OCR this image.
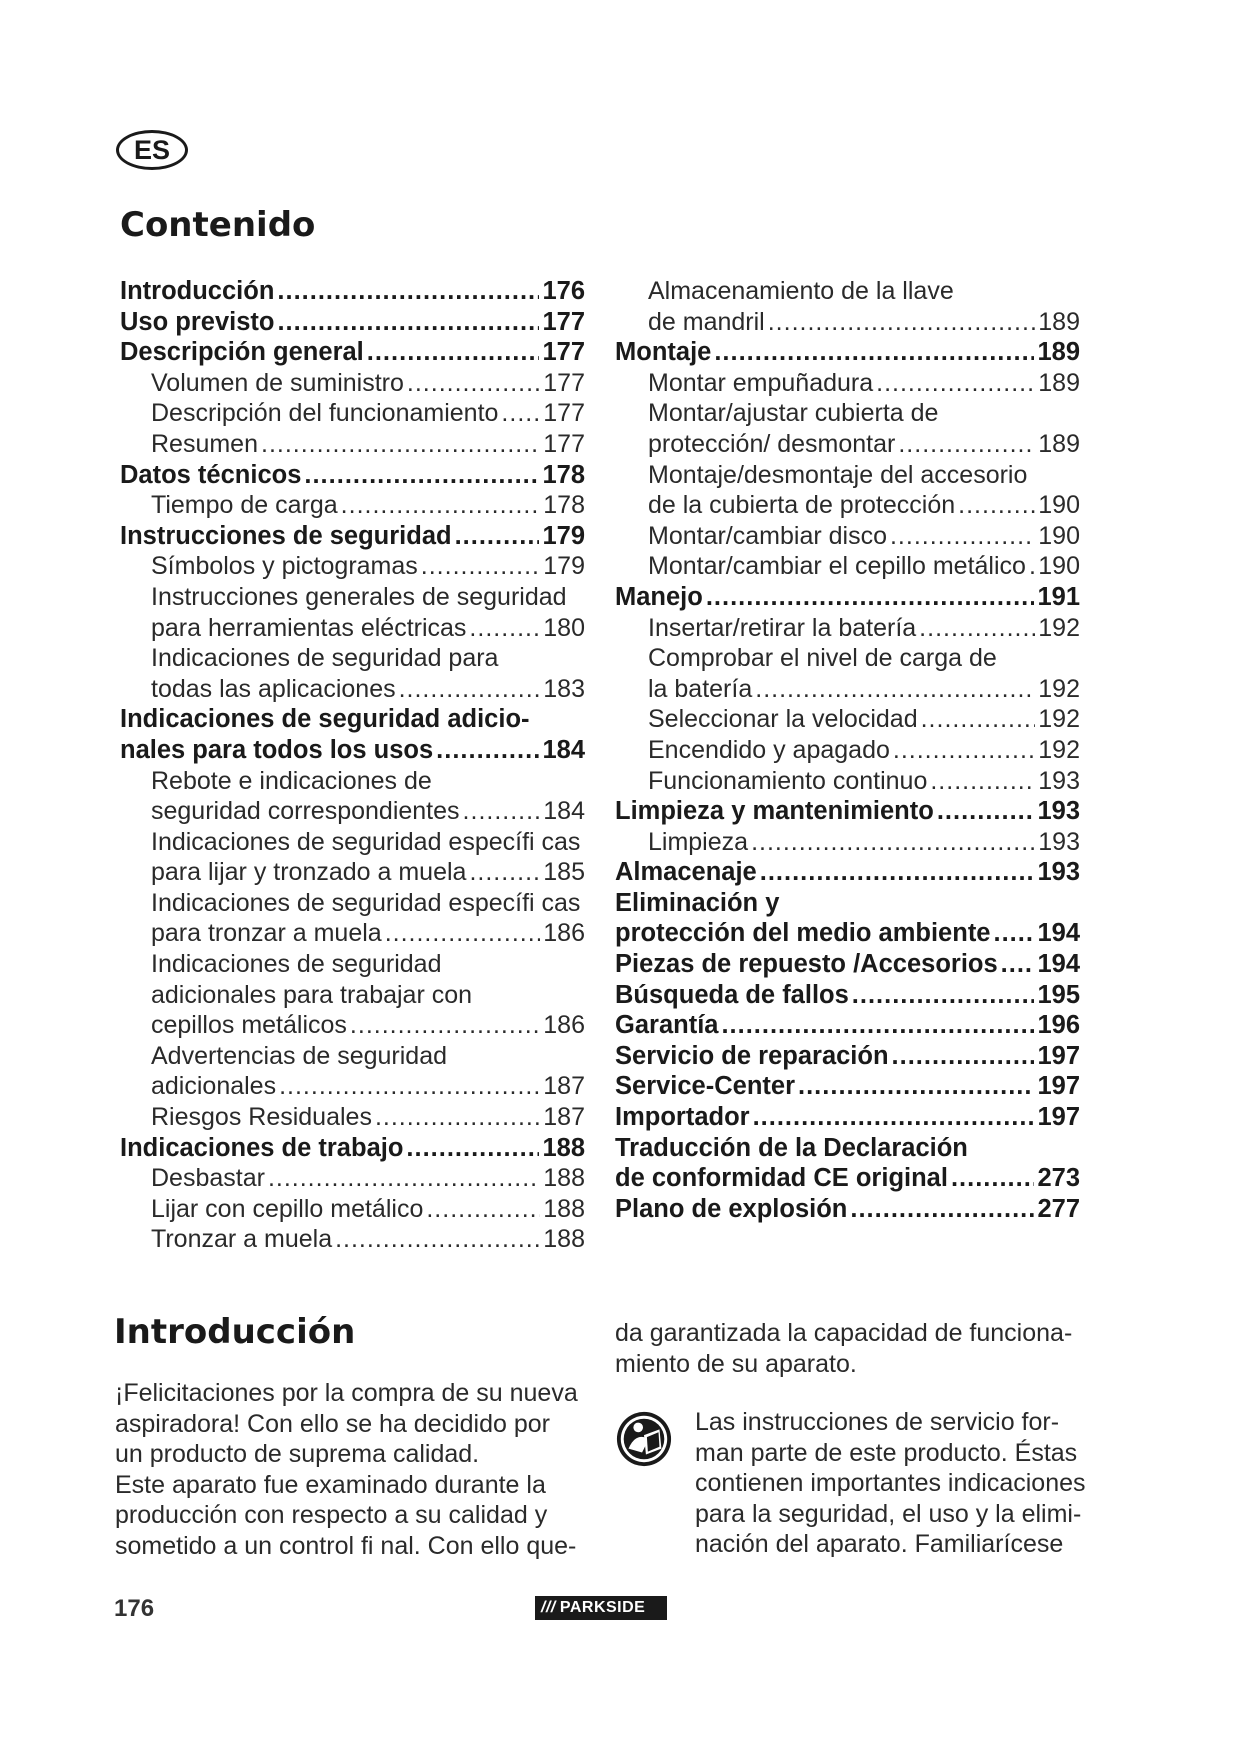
ES
Contenido
Introducción .....	176
Uso previsto .....	177
Descripción general .....	177
Volumen de suministro .....	177
Descripción del funcionamiento ..... 177
Resumen .....	177
Datos técnicos .....	178
Tiempo de carga .....	178
Instrucciones de seguridad .....	179
Símbolos y pictogramas .....	179
Instrucciones generales de seguridad
para herramientas eléctricas .....	180
Indicaciones de seguridad para
todas las aplicaciones .....	183
Indicaciones de seguridad adicio-
nales para todos los usos .....	184
Rebote e indicaciones de
seguridad correspondientes .....	184
Indicaciones de seguridad específi cas
para lijar y tronzado a muela .....	185
Indicaciones de seguridad específi cas
para tronzar a muela .....	186
Indicaciones de seguridad
adicionales para trabajar con
cepillos metálicos .....	186
Advertencias de seguridad
adicionales .....	187
Riesgos Residuales .....	187
Indicaciones de trabajo .....	188
Desbastar .....	188
Lijar con cepillo metálico .....	188
Tronzar a muela .....	188
Almacenamiento de la llave
de mandril .....	189
Montaje .....	189
Montar empuñadura .....	189
Montar/ajustar cubierta de
protección/ desmontar .....	189
Montaje/desmontaje del accesorio
de la cubierta de protección .....	190
Montar/cambiar disco .....	190
Montar/cambiar el cepillo metálico ..... 190
Manejo .....	191
Insertar/retirar la batería .....	192
Comprobar el nivel de carga de
la batería .....	192
Seleccionar la velocidad .....	192
Encendido y apagado .....	192
Funcionamiento continuo .....	193
Limpieza y mantenimiento .....	193
Limpieza .....	193
Almacenaje .....	193
Eliminación y
protección del medio ambiente ..... 194
Piezas de repuesto /Accesorios ..... 194
Búsqueda de fallos .....	195
Garantía .....	196
Servicio de reparación .....	197
Service-Center .....	197
Importador .....	197
Traducción de la Declaración
de conformidad CE original .....	273
Plano de explosión .....	277
Introducción
¡Felicitaciones por la compra de su nueva
aspiradora! Con ello se ha decidido por
un producto de suprema calidad.
Este aparato fue examinado durante la
producción con respecto a su calidad y
sometido a un control fi nal. Con ello que-
da garantizada la capacidad de funciona-
miento de su aparato.
Las instrucciones de servicio for-
man parte de este producto. Éstas
contienen importantes indicaciones
para la seguridad, el uso y la elimi-
nación del aparato. Familiarícese
176	/// PARKSIDE
